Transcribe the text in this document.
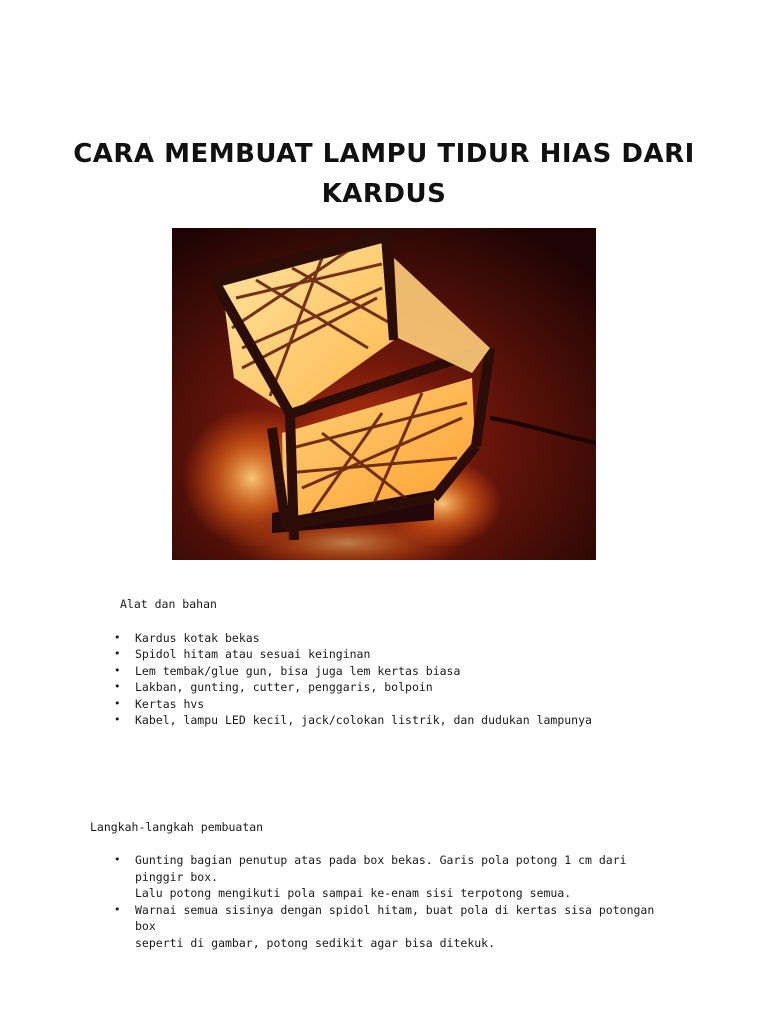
CARA MEMBUAT LAMPU TIDUR HIAS DARI KARDUS
Alat dan bahan
• Kardus kotak bekas
• Spidol hitam atau sesuai keinginan
• Lem tembak/glue gun, bisa juga lem kertas biasa
• Lakban, gunting, cutter, penggaris, bolpoin
• Kertas hvs
• Kabel, lampu LED kecil, jack/colokan listrik, dan dudukan lampunya
Langkah-langkah pembuatan
• Gunting bagian penutup atas pada box bekas. Garis pola potong 1 cm dari pinggir box.
Lalu potong mengikuti pola sampai ke-enam sisi terpotong semua.
• Warnai semua sisinya dengan spidol hitam, buat pola di kertas sisa potongan box
seperti di gambar, potong sedikit agar bisa ditekuk.
